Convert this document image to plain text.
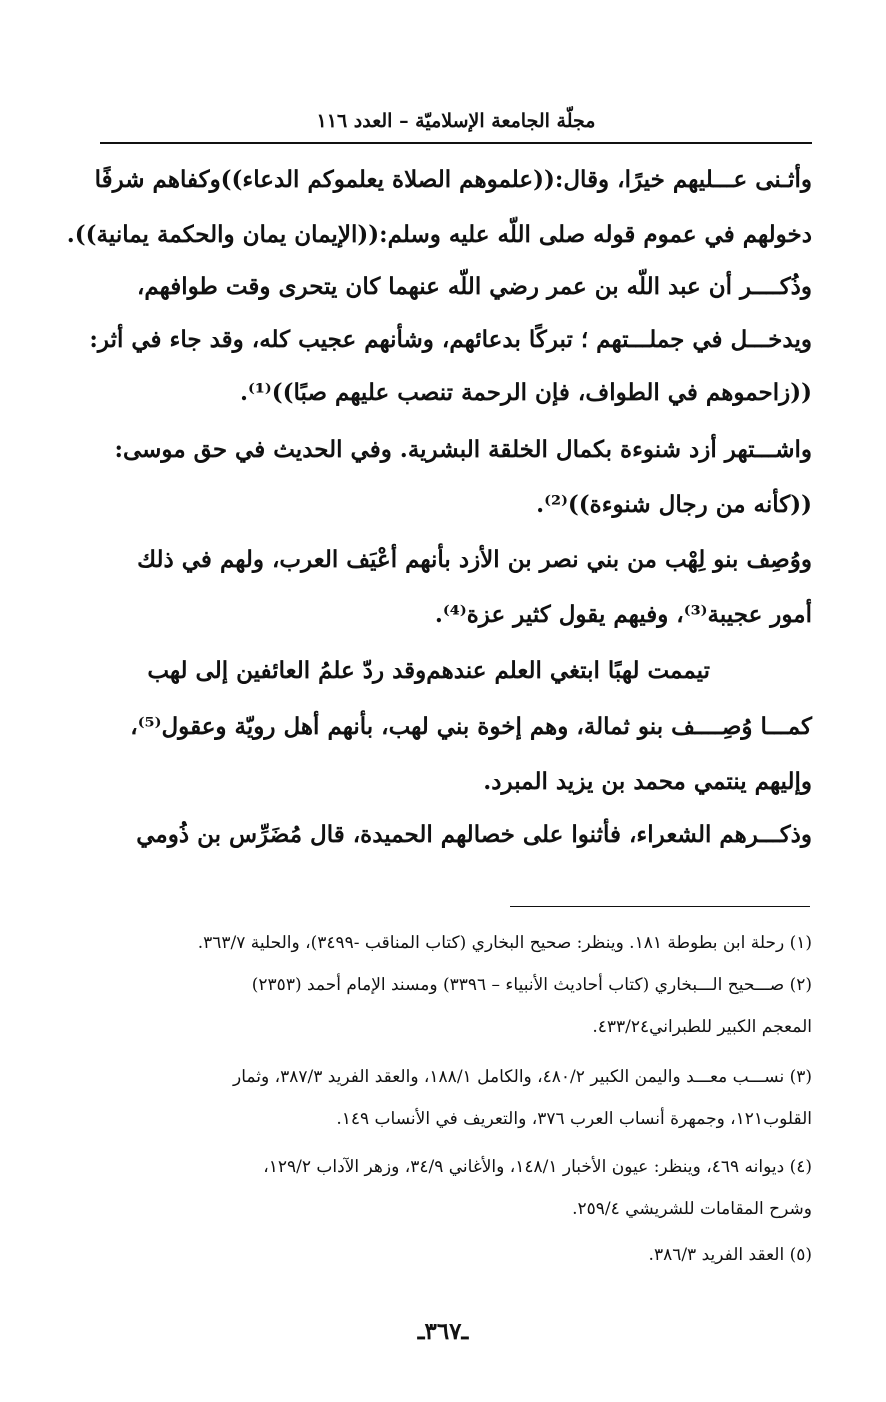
مجلّة الجامعة الإسلاميّة – العدد ١١٦
وأثـنى عـــليهم خيرًا، وقال:((علموهم الصلاة يعلموكم الدعاء))وكفاهم شرفًا
دخولهم في عموم قوله صلى اللّه عليه وسلم:((الإيمان يمان والحكمة يمانية)).
وذُكــــر أن عبد اللّه بن عمر رضي اللّه عنهما كان يتحرى وقت طوافهم،
ويدخـــل في جملـــتهم ؛ تبركًا بدعائهم، وشأنهم عجيب كله، وقد جاء في أثر:
((زاحموهم في الطواف، فإن الرحمة تنصب عليهم صبًا))⁽¹⁾.
واشـــتهر أزد شنوءة بكمال الخلقة البشرية. وفي الحديث في حق موسى:
((كأنه من رجال شنوءة))⁽²⁾.
ووُصِف بنو لِهْب من بني نصر بن الأزد بأنهم أعْيَف العرب، ولهم في ذلك
أمور عجيبة⁽³⁾، وفيهم يقول كثير عزة⁽⁴⁾.
تيممت لهبًا ابتغي العلم عندهم
وقد ردّ علمُ العائفين إلى لهب
كمـــا وُصِــــف بنو ثمالة، وهم إخوة بني لهب، بأنهم أهل رويّة وعقول⁽⁵⁾،
وإليهم ينتمي محمد بن يزيد المبرد.
وذكـــرهم الشعراء، فأثنوا على خصالهم الحميدة، قال مُضَرِّس بن ذُومي
(١) رحلة ابن بطوطة ١٨١. وينظر: صحيح البخاري (كتاب المناقب -٣٤٩٩)، والحلية ٣٦٣/٧.
(٢) صـــحيح الـــبخاري (كتاب أحاديث الأنبياء – ٣٣٩٦) ومسند الإمام أحمد (٢٣٥٣)
المعجم الكبير للطبراني٤٣٣/٢٤.
(٣) نســـب معـــد واليمن الكبير ٤٨٠/٢، والكامل ١٨٨/١، والعقد الفريد ٣٨٧/٣، وثمار
القلوب١٢١، وجمهرة أنساب العرب ٣٧٦، والتعريف في الأنساب ١٤٩.
(٤) ديوانه ٤٦٩، وينظر: عيون الأخبار ١٤٨/١، والأغاني ٣٤/٩، وزهر الآداب ١٢٩/٢،
وشرح المقامات للشريشي ٢٥٩/٤.
(٥) العقد الفريد ٣٨٦/٣.
ـ٣٦٧ـ
